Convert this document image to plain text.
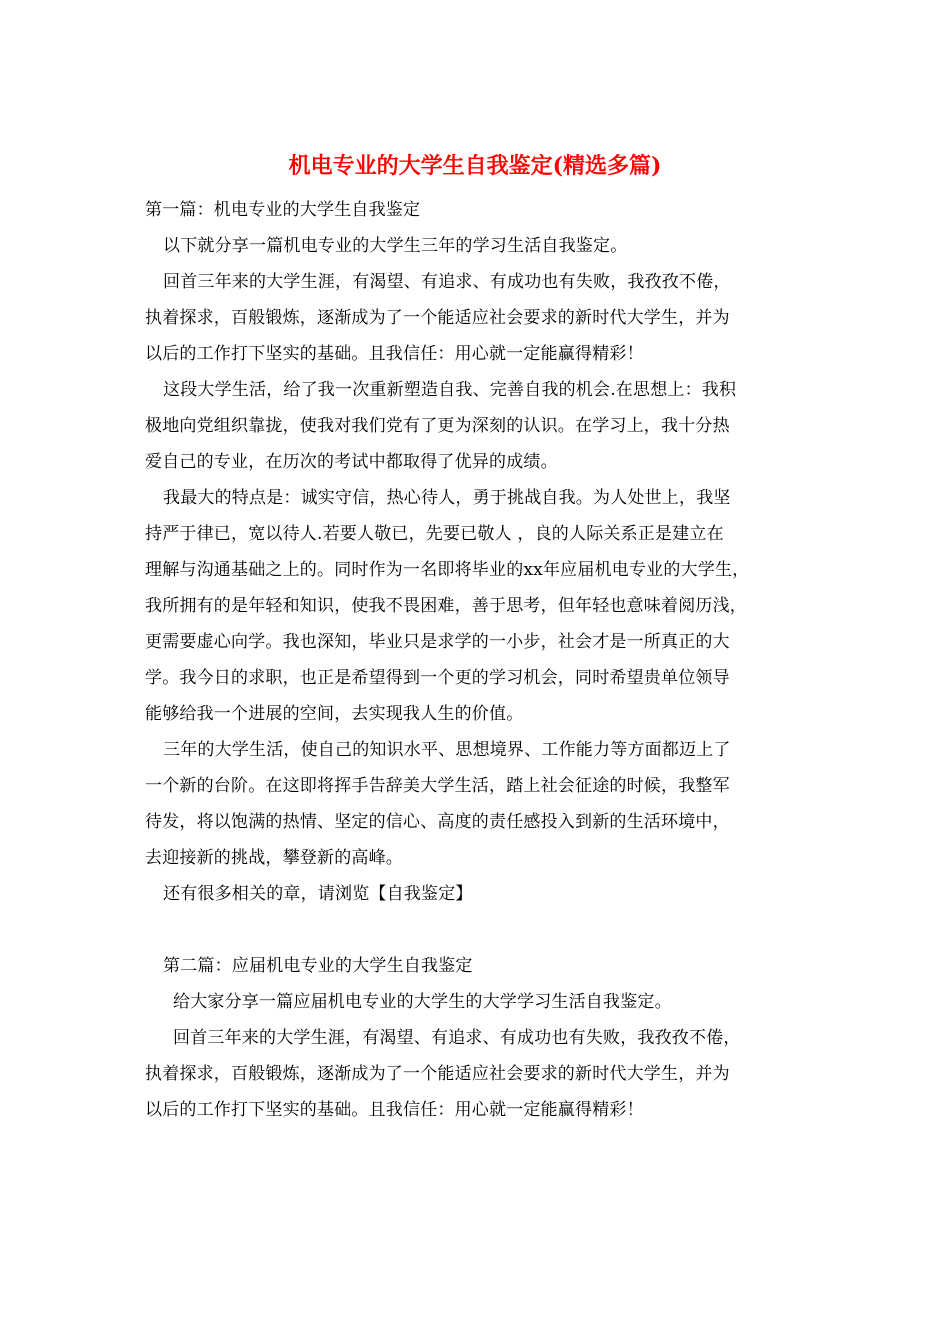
机电专业的大学生自我鉴定(精选多篇)
第一篇：机电专业的大学生自我鉴定
以下就分享一篇机电专业的大学生三年的学习生活自我鉴定。
回首三年来的大学生涯，有渴望、有追求、有成功也有失败，我孜孜不倦，
执着探求，百般锻炼，逐渐成为了一个能适应社会要求的新时代大学生，并为
以后的工作打下坚实的基础。且我信任：用心就一定能赢得精彩！
这段大学生活，给了我一次重新塑造自我、完善自我的机会.在思想上：我积
极地向党组织靠拢，使我对我们党有了更为深刻的认识。在学习上，我十分热
爱自己的专业，在历次的考试中都取得了优异的成绩。
我最大的特点是：诚实守信，热心待人，勇于挑战自我。为人处世上，我坚
持严于律已，宽以待人.若要人敬已，先要已敬人 ，良的人际关系正是建立在
理解与沟通基础之上的。同时作为一名即将毕业的xx年应届机电专业的大学生，
我所拥有的是年轻和知识，使我不畏困难，善于思考，但年轻也意味着阅历浅，
更需要虚心向学。我也深知，毕业只是求学的一小步，社会才是一所真正的大
学。我今日的求职，也正是希望得到一个更的学习机会，同时希望贵单位领导
能够给我一个进展的空间，去实现我人生的价值。
三年的大学生活，使自己的知识水平、思想境界、工作能力等方面都迈上了
一个新的台阶。在这即将挥手告辞美大学生活，踏上社会征途的时候，我整军
待发，将以饱满的热情、坚定的信心、高度的责任感投入到新的生活环境中，
去迎接新的挑战，攀登新的高峰。
还有很多相关的章，请浏览【自我鉴定】
第二篇：应届机电专业的大学生自我鉴定
给大家分享一篇应届机电专业的大学生的大学学习生活自我鉴定。
回首三年来的大学生涯，有渴望、有追求、有成功也有失败，我孜孜不倦，
执着探求，百般锻炼，逐渐成为了一个能适应社会要求的新时代大学生，并为
以后的工作打下坚实的基础。且我信任：用心就一定能赢得精彩！
